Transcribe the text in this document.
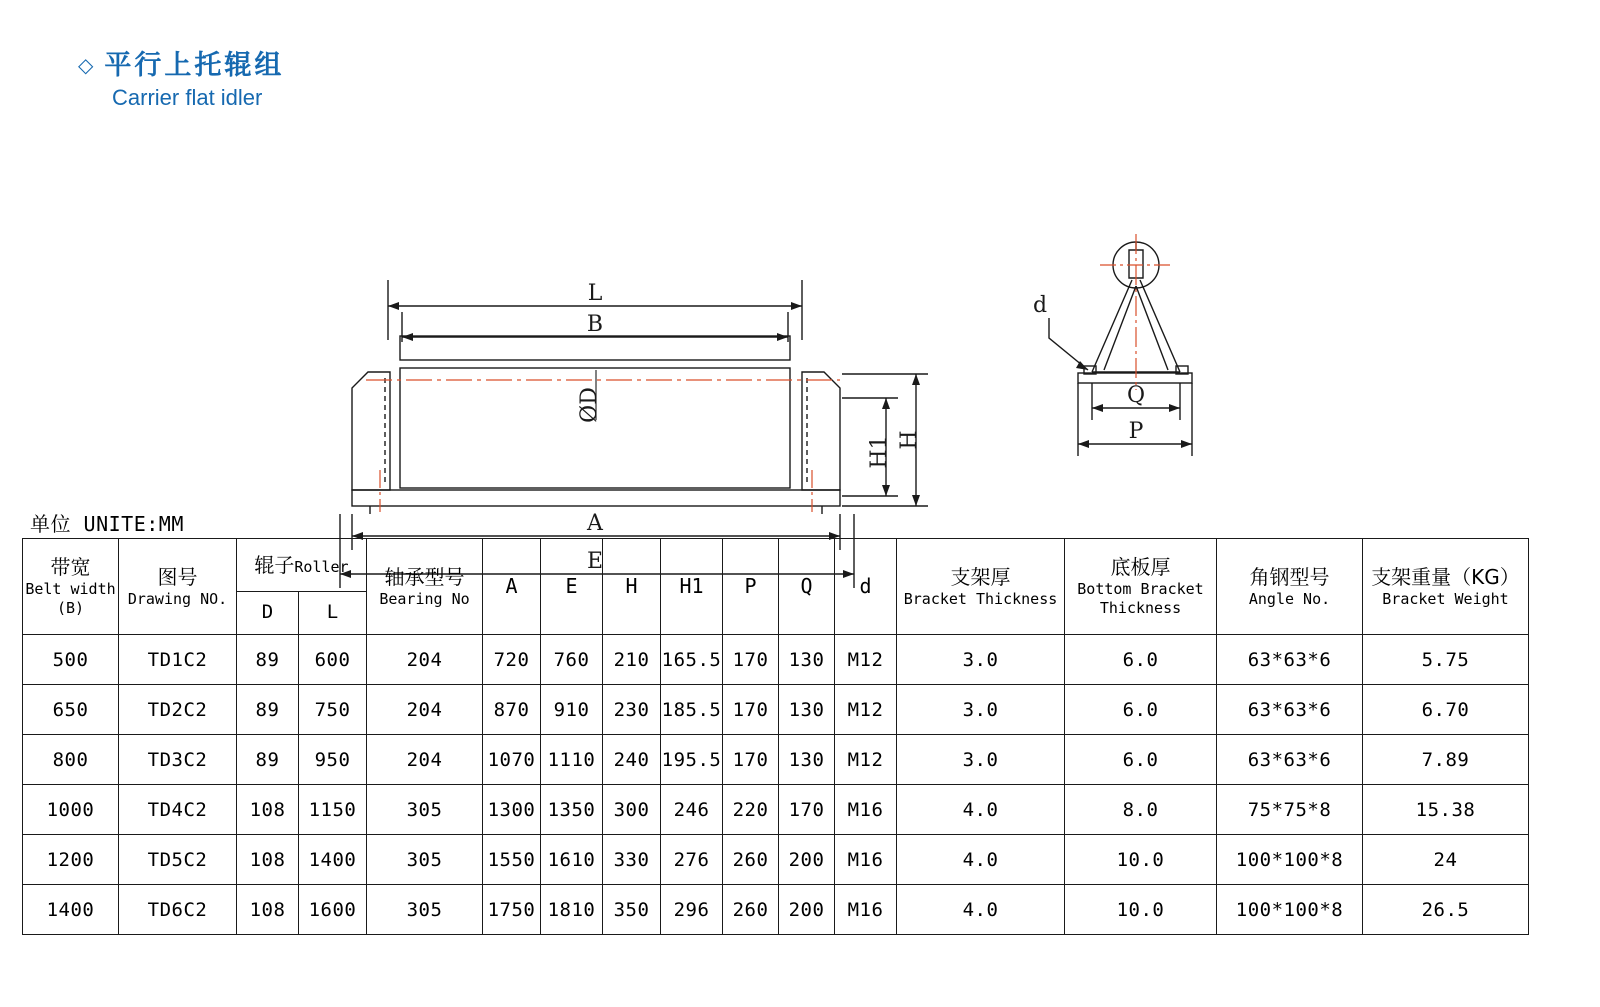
◇ 平行上托辊组
Carrier flat idler
L
B
A
E
Q
P
d
H
H1
ØD
单位 UNITE:MM
带宽
Belt width
(B)	图号
Drawing NO.	辊子Roller		轴承型号
Bearing No	A	E	H	H1	P	Q	d	支架厚
Bracket Thickness	底板厚
Bottom Bracket Thickness	角钢型号
Angle No.	支架重量（KG）
Bracket Weight

		D	L												
500	TD1C2	89	600	204	720	760	210	165.5	170	130	M12	3.0	6.0	63*63*6	5.75
650	TD2C2	89	750	204	870	910	230	185.5	170	130	M12	3.0	6.0	63*63*6	6.70
800	TD3C2	89	950	204	1070	1110	240	195.5	170	130	M12	3.0	6.0	63*63*6	7.89
1000	TD4C2	108	1150	305	1300	1350	300	246	220	170	M16	4.0	8.0	75*75*8	15.38
1200	TD5C2	108	1400	305	1550	1610	330	276	260	200	M16	4.0	10.0	100*100*8	24
1400	TD6C2	108	1600	305	1750	1810	350	296	260	200	M16	4.0	10.0	100*100*8	26.5
